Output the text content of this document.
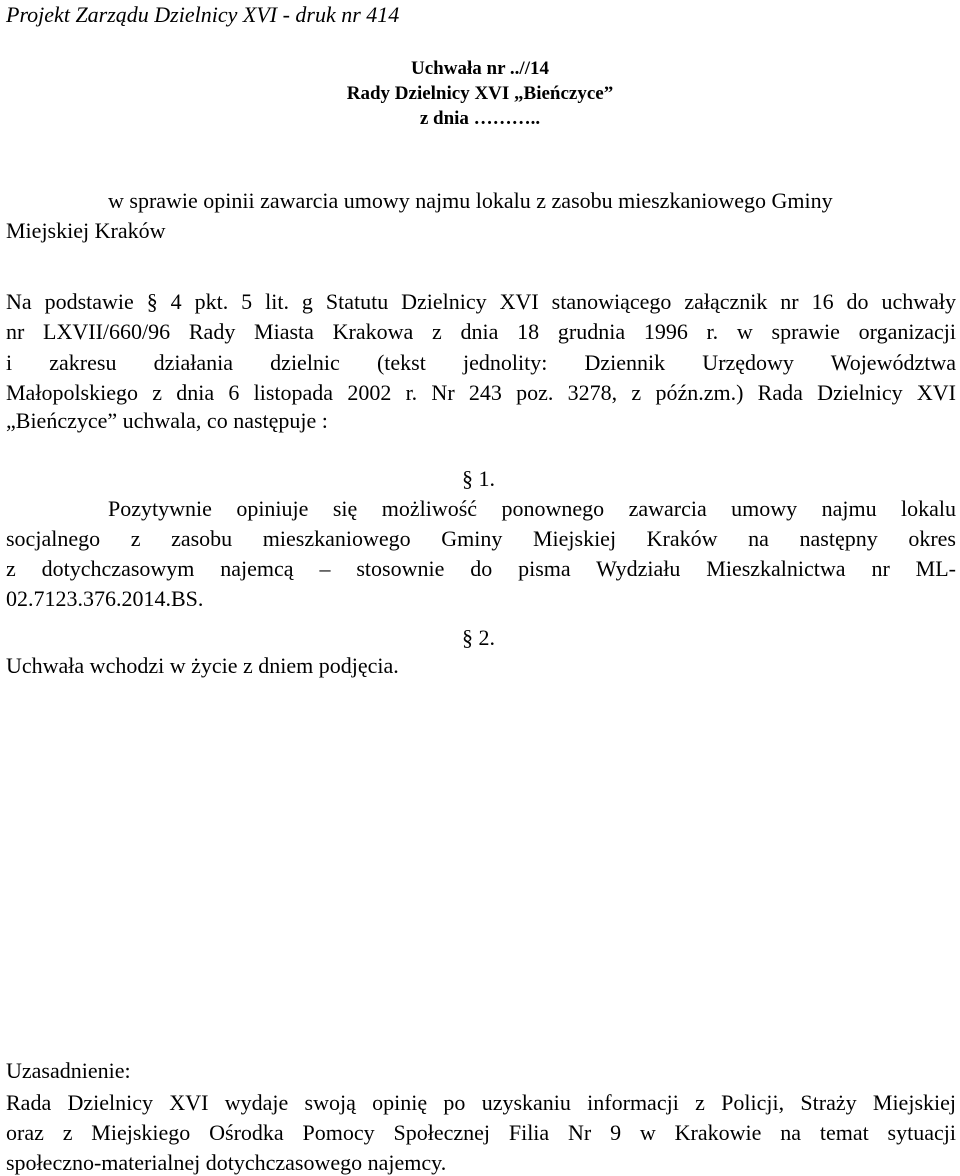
Projekt Zarządu Dzielnicy XVI - druk nr 414
Uchwała nr ..//14
Rady Dzielnicy XVI „Bieńczyce”
z dnia ………..
w sprawie opinii zawarcia umowy najmu lokalu z zasobu mieszkaniowego Gminy
Miejskiej Kraków
Na podstawie § 4 pkt. 5 lit. g Statutu Dzielnicy XVI stanowiącego załącznik nr 16 do uchwały
nr LXVII/660/96 Rady Miasta Krakowa z dnia 18 grudnia 1996 r. w sprawie organizacji
i zakresu działania dzielnic (tekst jednolity: Dziennik Urzędowy Województwa
Małopolskiego z dnia 6 listopada 2002 r. Nr 243 poz. 3278, z późn.zm.) Rada Dzielnicy XVI
„Bieńczyce” uchwala, co następuje :
§ 1.
Pozytywnie opiniuje się możliwość ponownego zawarcia umowy najmu lokalu
socjalnego z zasobu mieszkaniowego Gminy Miejskiej Kraków na następny okres
z dotychczasowym najemcą – stosownie do pisma Wydziału Mieszkalnictwa nr ML-
02.7123.376.2014.BS.
§ 2.
Uchwała wchodzi w życie z dniem podjęcia.
Uzasadnienie:
Rada Dzielnicy XVI wydaje swoją opinię po uzyskaniu informacji z Policji, Straży Miejskiej
oraz z Miejskiego Ośrodka Pomocy Społecznej Filia Nr 9 w Krakowie na temat sytuacji
społeczno-materialnej dotychczasowego najemcy.
